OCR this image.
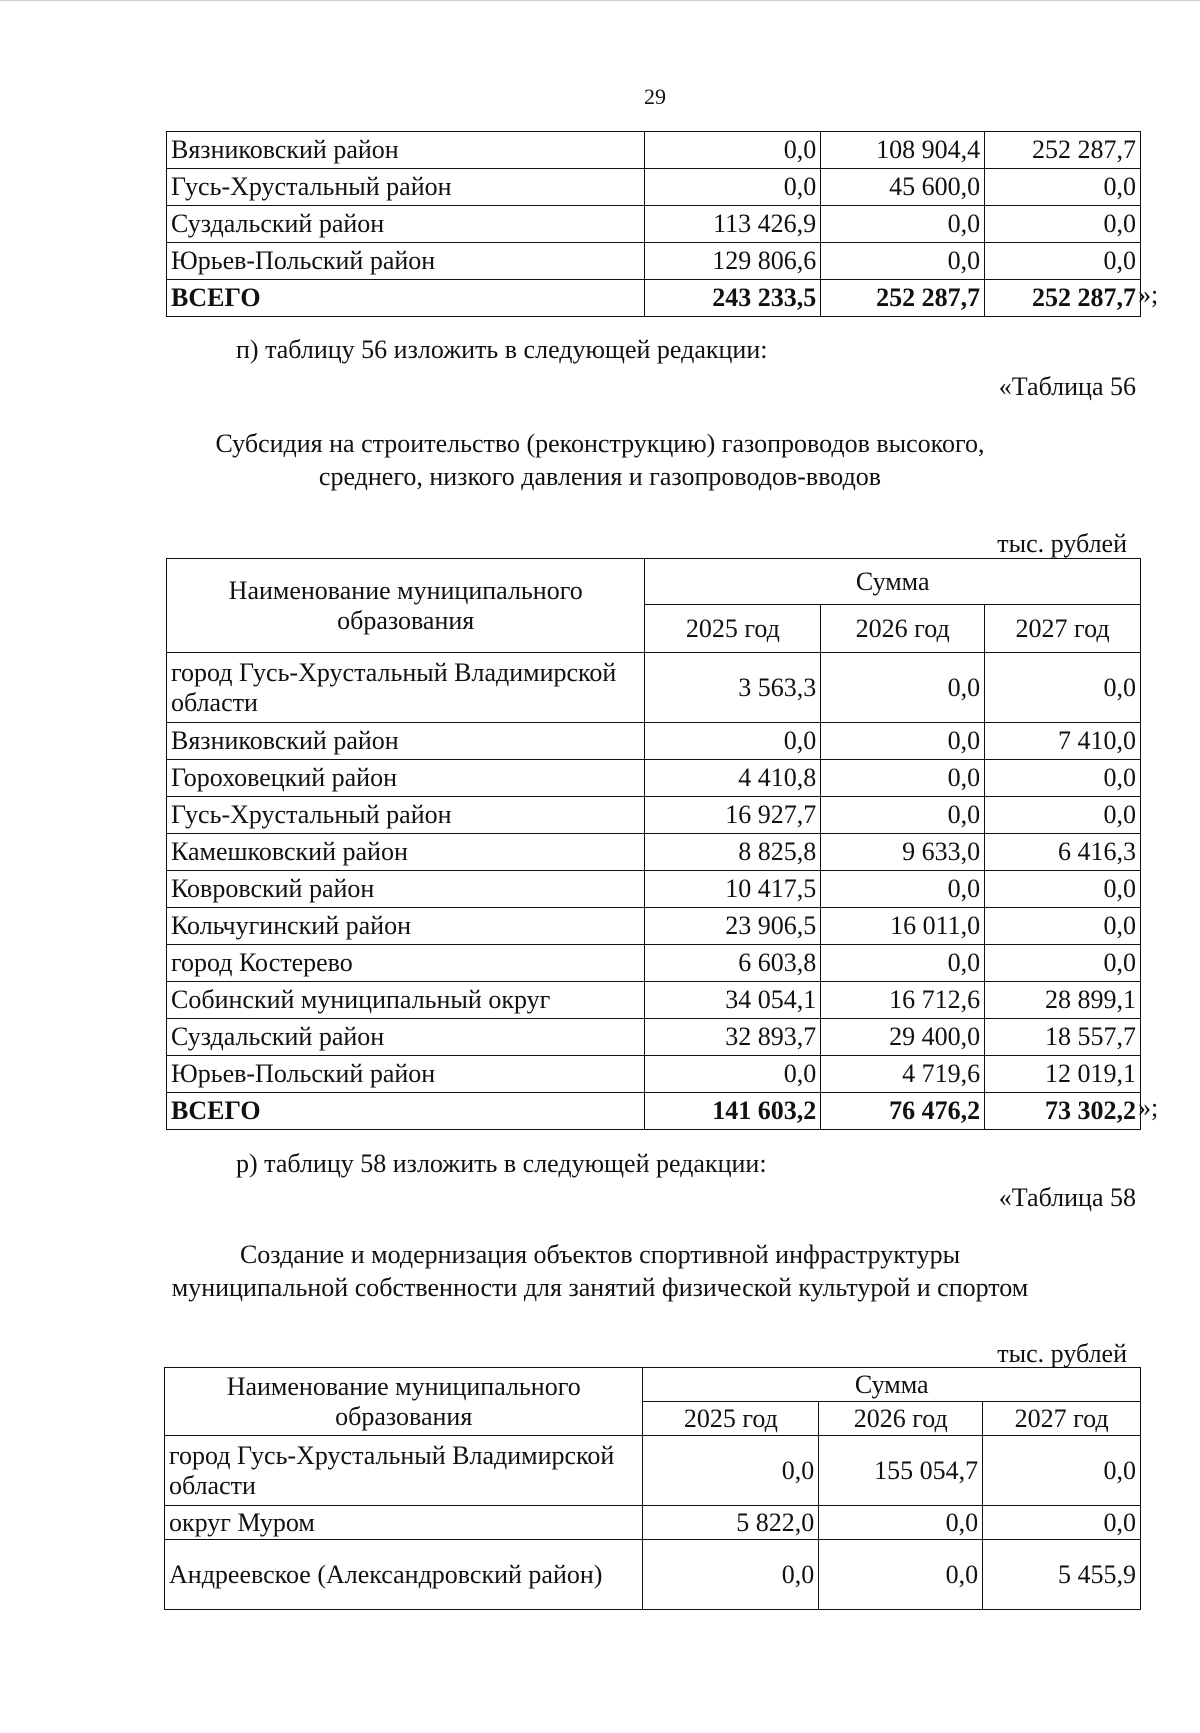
29
Вязниковский район	0,0	108 904,4	252 287,7
Гусь-Хрустальный район	0,0	45 600,0	0,0
Суздальский район	113 426,9	0,0	0,0
Юрьев-Польский район	129 806,6	0,0	0,0
ВСЕГО	243 233,5	252 287,7	252 287,7 »;
п) таблицу 56 изложить в следующей редакции:
«Таблица 56
Субсидия на строительство (реконструкцию) газопроводов высокого,
среднего, низкого давления и газопроводов-вводов
тыс. рублей
Наименование муниципального образования	Сумма		
	2025 год	2026 год	2027 год
город Гусь-Хрустальный Владимирской области	3 563,3	0,0	0,0
Вязниковский район	0,0	0,0	7 410,0
Гороховецкий район	4 410,8	0,0	0,0
Гусь-Хрустальный район	16 927,7	0,0	0,0
Камешковский район	8 825,8	9 633,0	6 416,3
Ковровский район	10 417,5	0,0	0,0
Кольчугинский район	23 906,5	16 011,0	0,0
город Костерево	6 603,8	0,0	0,0
Собинский муниципальный округ	34 054,1	16 712,6	28 899,1
Суздальский район	32 893,7	29 400,0	18 557,7
Юрьев-Польский район	0,0	4 719,6	12 019,1
ВСЕГО	141 603,2	76 476,2	73 302,2 »;
р) таблицу 58 изложить в следующей редакции:
«Таблица 58
Создание и модернизация объектов спортивной инфраструктуры
муниципальной собственности для занятий физической культурой и спортом
тыс. рублей
Наименование муниципального образования	Сумма		
	2025 год	2026 год	2027 год
город Гусь-Хрустальный Владимирской области	0,0	155 054,7	0,0
округ Муром	5 822,0	0,0	0,0
Андреевское (Александровский район)	0,0	0,0	5 455,9
